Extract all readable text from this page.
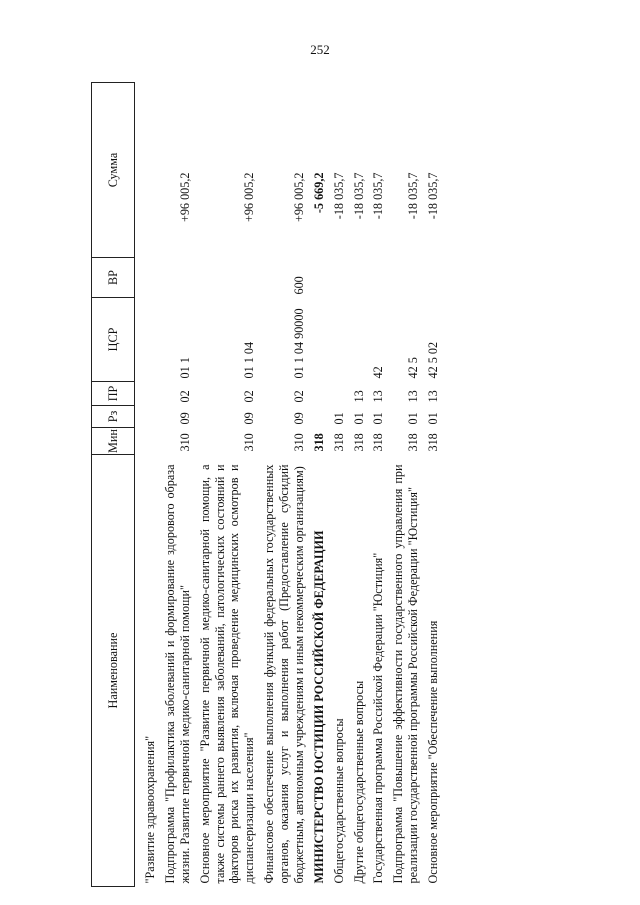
252
Наименование	Мин	Рз	ПР	ЦСР	ВР	Сумма
"Развитие здравоохранения"						
Подпрограмма "Профилактика заболеваний и формирование здорового образа жизни. Развитие первичной медико-санитарной помощи"	310	09	02	01 1		+96 005,2
Основное мероприятие "Развитие первичной медико-санитарной помощи, а также системы раннего выявления заболеваний, патологических состояний и факторов риска их развития, включая проведение медицинских осмотров и диспансеризации населения"	310	09	02	01 1 04		+96 005,2
Финансовое обеспечение выполнения функций федеральных государственных органов, оказания услуг и выполнения работ (Предоставление субсидий бюджетным, автономным учреждениям и иным некоммерческим организациям)	310	09	02	01 1 04 90000	600	+96 005,2
МИНИСТЕРСТВО ЮСТИЦИИ РОССИЙСКОЙ ФЕДЕРАЦИИ	318					-5 669,2
Общегосударственные вопросы	318	01				-18 035,7
Другие общегосударственные вопросы	318	01	13			-18 035,7
Государственная программа Российской Федерации "Юстиция"	318	01	13	42		-18 035,7
Подпрограмма "Повышение эффективности государственного управления при реализации государственной программы Российской Федерации "Юстиция"	318	01	13	42 5		-18 035,7
Основное мероприятие "Обеспечение выполнения	318	01	13	42 5 02		-18 035,7
